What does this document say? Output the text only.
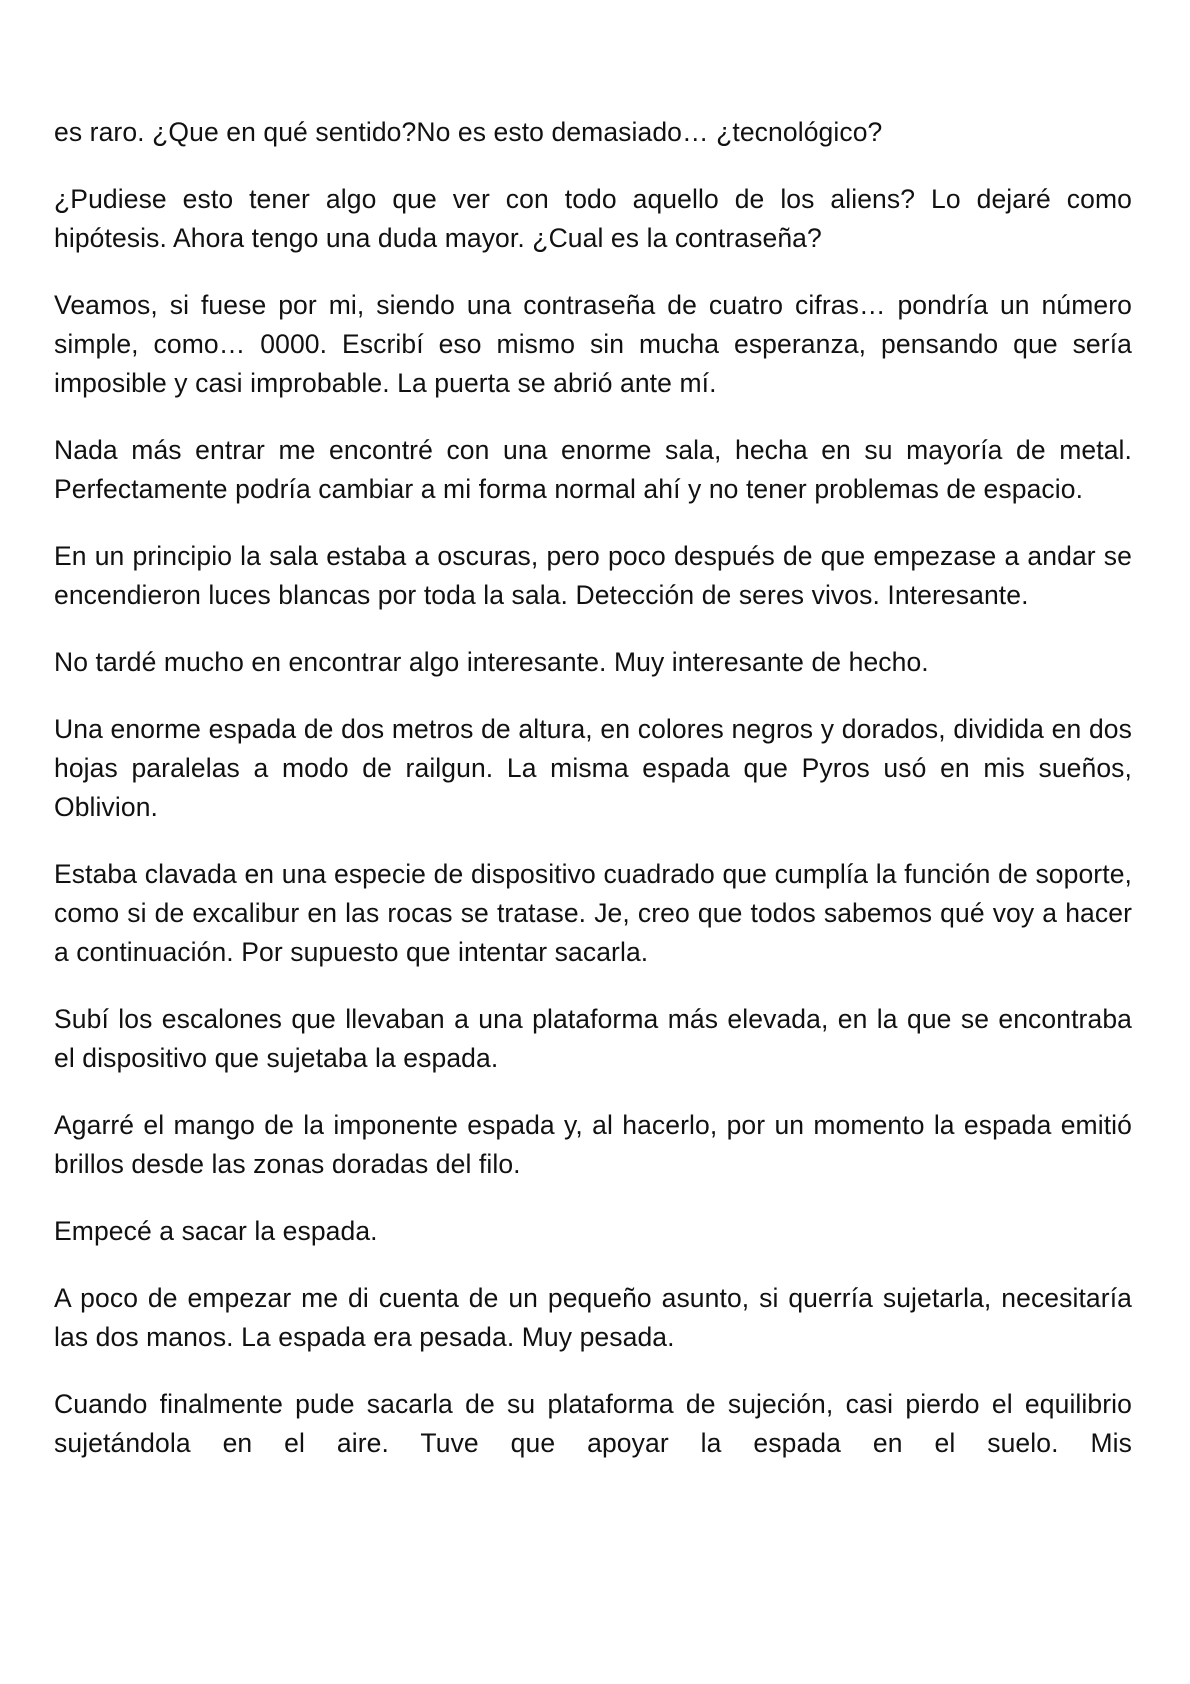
es raro. ¿Que en qué sentido?No es esto demasiado… ¿tecnológico?

¿Pudiese esto tener algo que ver con todo aquello de los aliens? Lo dejaré como hipótesis. Ahora tengo una duda mayor. ¿Cual es la contraseña?

Veamos, si fuese por mi, siendo una contraseña de cuatro cifras… pondría un número simple, como… 0000. Escribí eso mismo sin mucha esperanza, pensando que sería imposible y casi improbable. La puerta se abrió ante mí.

Nada más entrar me encontré con una enorme sala, hecha en su mayoría de metal. Perfectamente podría cambiar a mi forma normal ahí y no tener problemas de espacio.

En un principio la sala estaba a oscuras, pero poco después de que empezase a andar se encendieron luces blancas por toda la sala. Detección de seres vivos. Interesante.

No tardé mucho en encontrar algo interesante. Muy interesante de hecho.

Una enorme espada de dos metros de altura, en colores negros y dorados, dividida en dos hojas paralelas a modo de railgun. La misma espada que Pyros usó en mis sueños, Oblivion.

Estaba clavada en una especie de dispositivo cuadrado que cumplía la función de soporte, como si de excalibur en las rocas se tratase. Je, creo que todos sabemos qué voy a hacer a continuación. Por supuesto que intentar sacarla.

Subí los escalones que llevaban a una plataforma más elevada, en la que se encontraba el dispositivo que sujetaba la espada.

Agarré el mango de la imponente espada y, al hacerlo, por un momento la espada emitió brillos desde las zonas doradas del filo.

Empecé a sacar la espada.

A poco de empezar me di cuenta de un pequeño asunto, si querría sujetarla, necesitaría las dos manos. La espada era pesada. Muy pesada.

Cuando finalmente pude sacarla de su plataforma de sujeción, casi pierdo el equilibrio sujetándola en el aire. Tuve que apoyar la espada en el suelo. Mis
